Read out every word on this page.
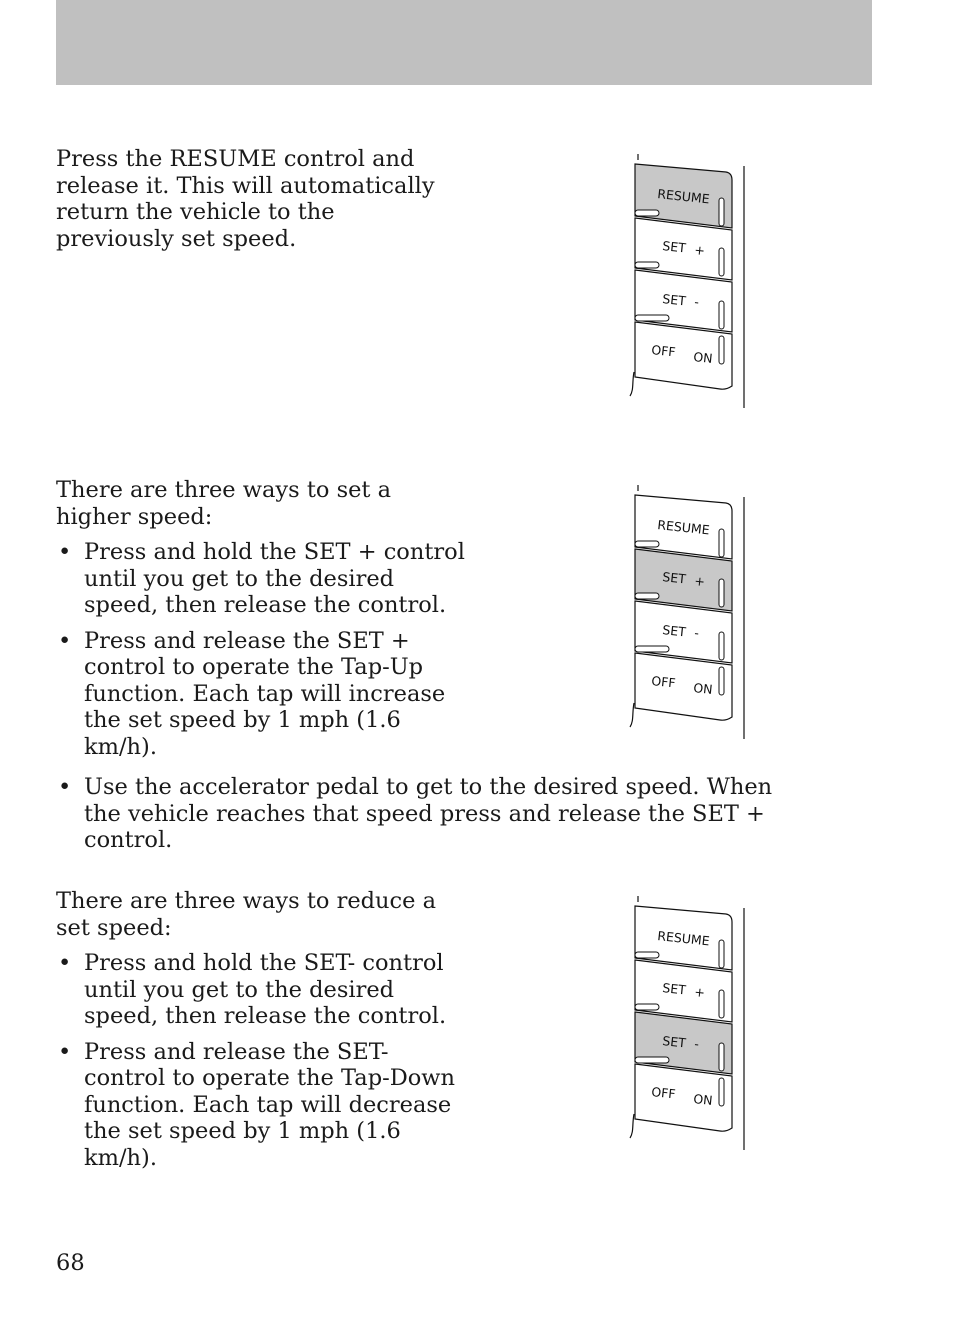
Press the RESUME control and release it. This will automatically return the vehicle to the previously set speed.

RESUME
SET +
SET -
OFF ON

There are three ways to set a higher speed:

• Press and hold the SET + control until you get to the desired speed, then release the control.
• Press and release the SET + control to operate the Tap-Up function. Each tap will increase the set speed by 1 mph (1.6 km/h).
• Use the accelerator pedal to get to the desired speed. When the vehicle reaches that speed press and release the SET + control.
RESUME
SET +
SET -
OFF ON

There are three ways to reduce a set speed:

• Press and hold the SET- control until you get to the desired speed, then release the control.
• Press and release the SET- control to operate the Tap-Down function. Each tap will decrease the set speed by 1 mph (1.6 km/h).
RESUME
SET +
SET -
OFF ON
68
